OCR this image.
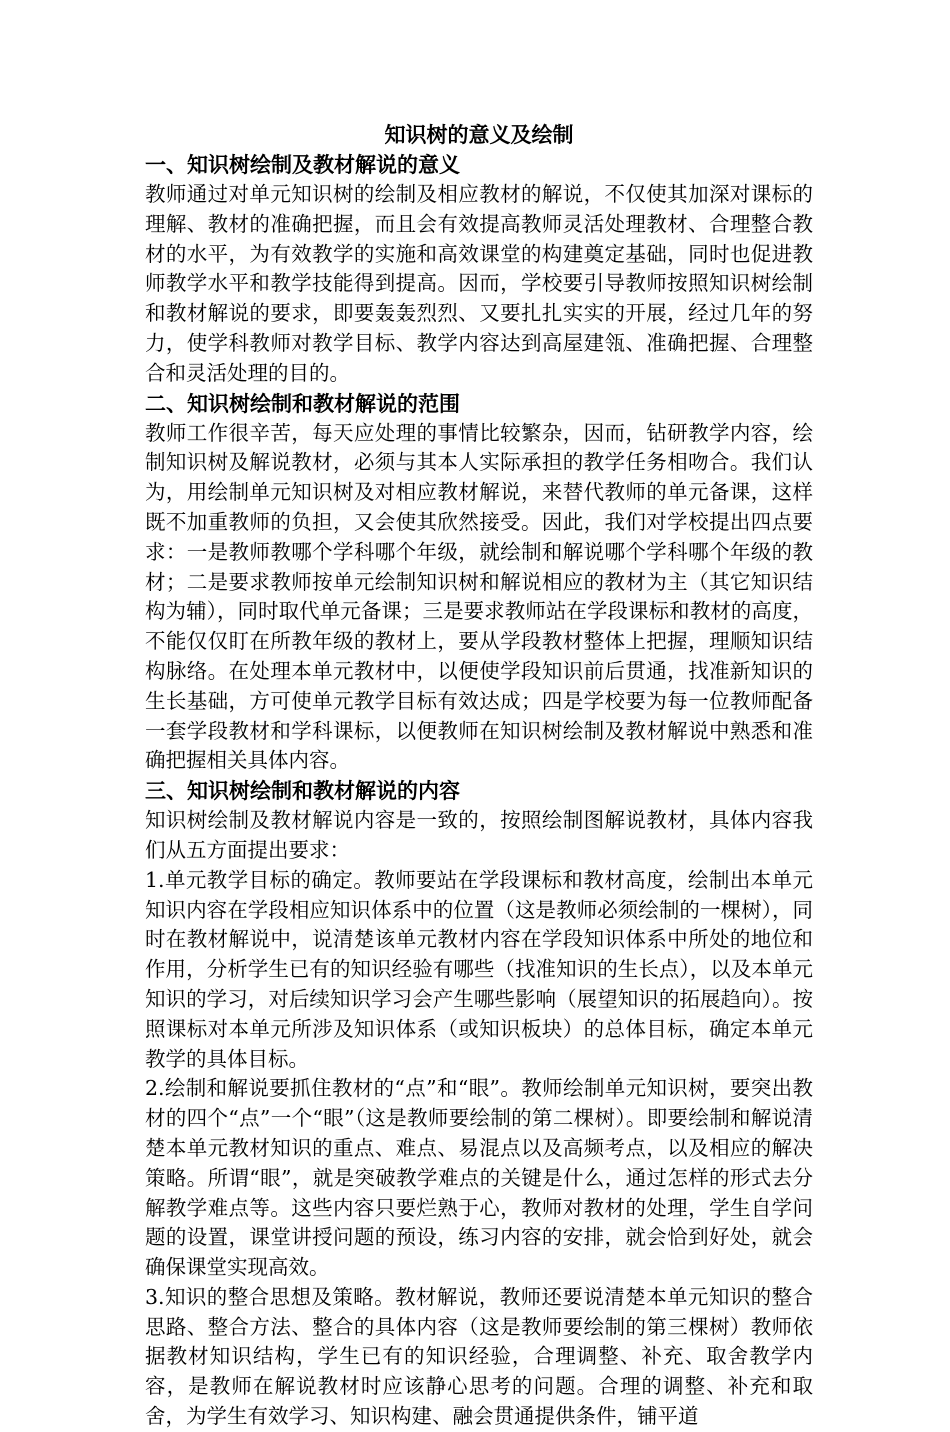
知识树的意义及绘制

一、知识树绘制及教材解说的意义

教师通过对单元知识树的绘制及相应教材的解说，不仅使其加深对课标的理解、教材的准确把握，而且会有效提高教师灵活处理教材、合理整合教材的水平，为有效教学的实施和高效课堂的构建奠定基础，同时也促进教师教学水平和教学技能得到提高。因而，学校要引导教师按照知识树绘制和教材解说的要求，即要轰轰烈烈、又要扎扎实实的开展，经过几年的努力，使学科教师对教学目标、教学内容达到高屋建瓴、准确把握、合理整合和灵活处理的目的。

二、知识树绘制和教材解说的范围

教师工作很辛苦，每天应处理的事情比较繁杂，因而，钻研教学内容，绘制知识树及解说教材，必须与其本人实际承担的教学任务相吻合。我们认为，用绘制单元知识树及对相应教材解说，来替代教师的单元备课，这样既不加重教师的负担，又会使其欣然接受。因此，我们对学校提出四点要求：一是教师教哪个学科哪个年级，就绘制和解说哪个学科哪个年级的教材；二是要求教师按单元绘制知识树和解说相应的教材为主（其它知识结构为辅），同时取代单元备课；三是要求教师站在学段课标和教材的高度，不能仅仅盯在所教年级的教材上，要从学段教材整体上把握，理顺知识结构脉络。在处理本单元教材中，以便使学段知识前后贯通，找准新知识的生长基础，方可使单元教学目标有效达成；四是学校要为每一位教师配备一套学段教材和学科课标，以便教师在知识树绘制及教材解说中熟悉和准确把握相关具体内容。

三、知识树绘制和教材解说的内容

知识树绘制及教材解说内容是一致的，按照绘制图解说教材，具体内容我们从五方面提出要求：

1.单元教学目标的确定。教师要站在学段课标和教材高度，绘制出本单元知识内容在学段相应知识体系中的位置（这是教师必须绘制的一棵树），同时在教材解说中，说清楚该单元教材内容在学段知识体系中所处的地位和作用，分析学生已有的知识经验有哪些（找准知识的生长点），以及本单元知识的学习，对后续知识学习会产生哪些影响（展望知识的拓展趋向）。按照课标对本单元所涉及知识体系（或知识板块）的总体目标，确定本单元教学的具体目标。

2.绘制和解说要抓住教材的“点”和“眼”。教师绘制单元知识树，要突出教材的四个“点”一个“眼”（这是教师要绘制的第二棵树）。即要绘制和解说清楚本单元教材知识的重点、难点、易混点以及高频考点，以及相应的解决策略。所谓“眼”，就是突破教学难点的关键是什么，通过怎样的形式去分解教学难点等。这些内容只要烂熟于心，教师对教材的处理，学生自学问题的设置，课堂讲授问题的预设，练习内容的安排，就会恰到好处，就会确保课堂实现高效。

3.知识的整合思想及策略。教材解说，教师还要说清楚本单元知识的整合思路、整合方法、整合的具体内容（这是教师要绘制的第三棵树）教师依据教材知识结构，学生已有的知识经验，合理调整、补充、取舍教学内容，是教师在解说教材时应该静心思考的问题。合理的调整、补充和取舍，为学生有效学习、知识构建、融会贯通提供条件，铺平道
